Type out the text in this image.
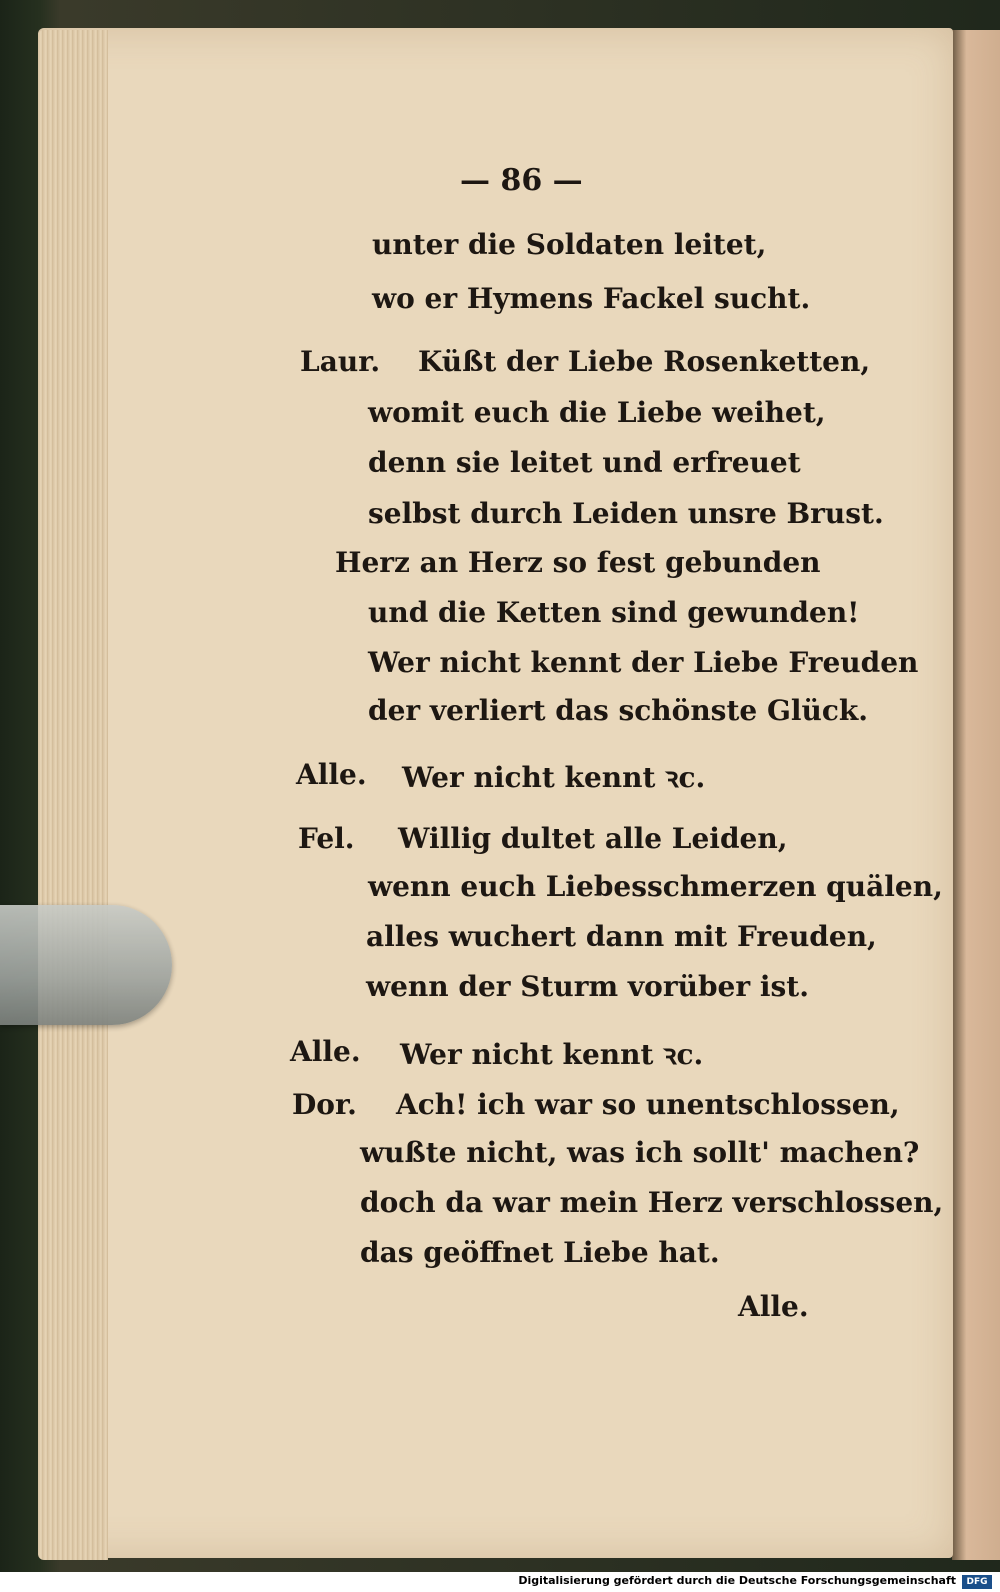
— 86 —
unter die Soldaten leitet,
wo er Hymens Fackel sucht.
Laur. Küßt der Liebe Rosenketten,
womit euch die Liebe weihet,
denn sie leitet und erfreuet
selbst durch Leiden unsre Brust.
Herz an Herz so fest gebunden
und die Ketten sind gewunden!
Wer nicht kennt der Liebe Freuden
der verliert das schönste Glück.
Alle. Wer nicht kennt ꝛc.
Fel. Willig dultet alle Leiden,
wenn euch Liebesschmerzen quälen,
alles wuchert dann mit Freuden,
wenn der Sturm vorüber ist.
Alle. Wer nicht kennt ꝛc.
Dor. Ach! ich war so unentschlossen,
wußte nicht, was ich sollt' machen?
doch da war mein Herz verschlossen,
das geöffnet Liebe hat.
Alle.
Digitalisierung gefördert durch die Deutsche Forschungsgemeinschaft	DFG
